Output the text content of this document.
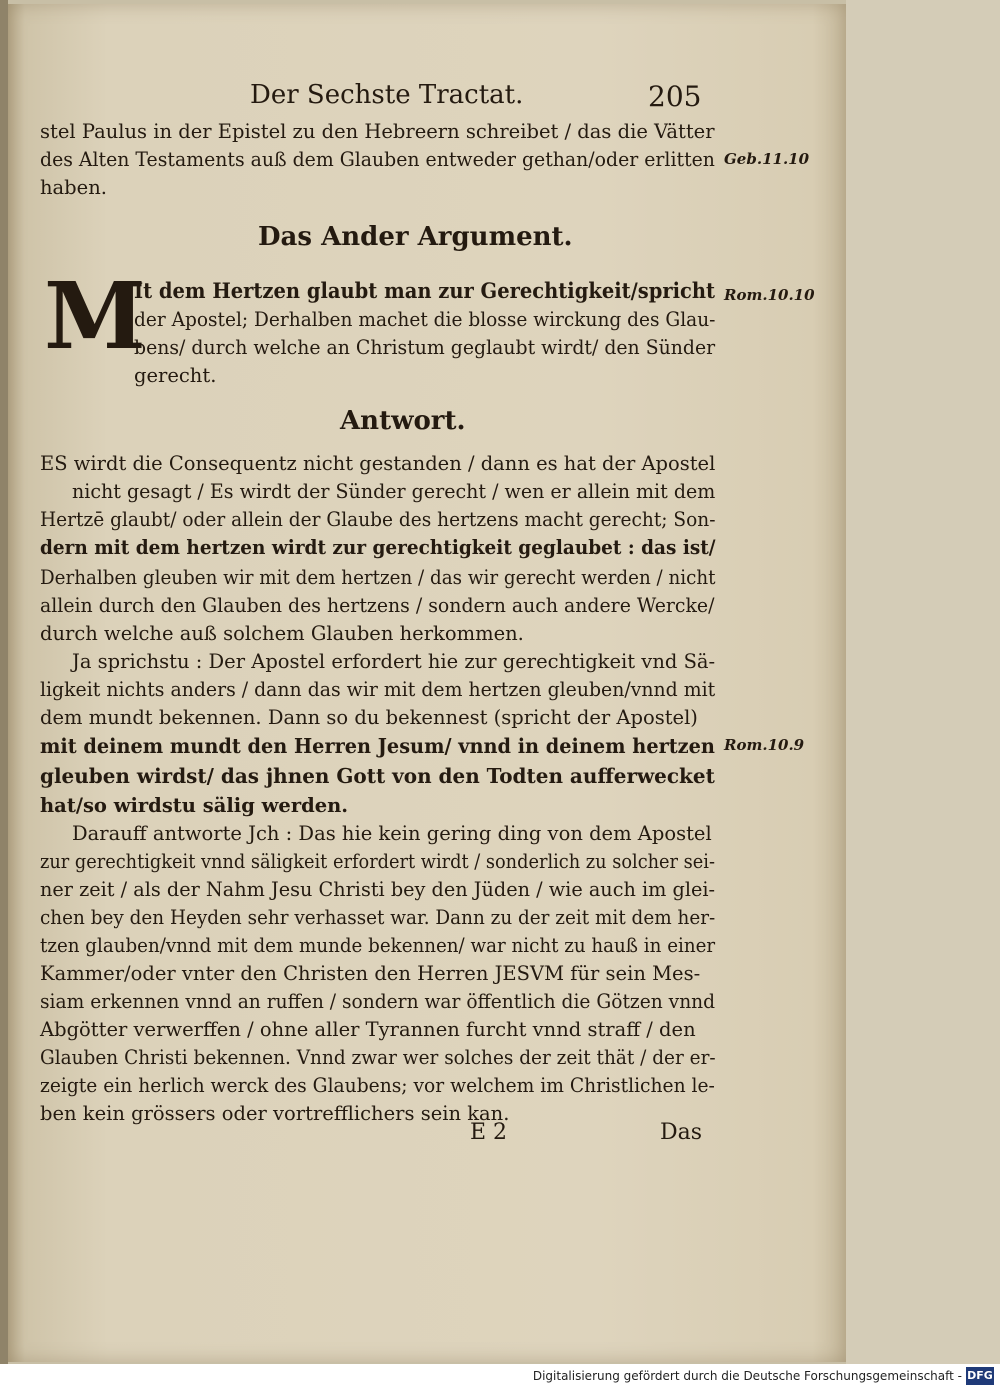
Der Sechste Tractat.	205
stel Paulus in der Epistel zu den Hebreern schreibet / das die Vätter
des Alten Testaments auß dem Glauben entweder gethan/oder erlitten
haben.
Geb.11.10
Das Ander Argument.
M
It dem Hertzen glaubt man zur Gerechtigkeit/spricht
der Apostel; Derhalben machet die blosse wirckung des Glau-
bens/ durch welche an Christum geglaubt wirdt/ den Sünder
gerecht.
Rom.10.10
Antwort.
ES wirdt die Consequentz nicht gestanden / dann es hat der Apostel
nicht gesagt / Es wirdt der Sünder gerecht / wen er allein mit dem
Hertzē glaubt/ oder allein der Glaube des hertzens macht gerecht; Son-
dern mit dem hertzen wirdt zur gerechtigkeit geglaubet : das ist/
Derhalben gleuben wir mit dem hertzen / das wir gerecht werden / nicht
allein durch den Glauben des hertzens / sondern auch andere Wercke/
durch welche auß solchem Glauben herkommen.
Ja sprichstu : Der Apostel erfordert hie zur gerechtigkeit vnd Sä-
ligkeit nichts anders / dann das wir mit dem hertzen gleuben/vnnd mit
dem mundt bekennen. Dann so du bekennest (spricht der Apostel)
mit deinem mundt den Herren Jesum/ vnnd in deinem hertzen
gleuben wirdst/ das jhnen Gott von den Todten aufferwecket
hat/so wirdstu sälig werden.
Rom.10.9
Darauff antworte Jch : Das hie kein gering ding von dem Apostel
zur gerechtigkeit vnnd säligkeit erfordert wirdt / sonderlich zu solcher sei-
ner zeit / als der Nahm Jesu Christi bey den Jüden / wie auch im glei-
chen bey den Heyden sehr verhasset war. Dann zu der zeit mit dem her-
tzen glauben/vnnd mit dem munde bekennen/ war nicht zu hauß in einer
Kammer/oder vnter den Christen den Herren JESVM für sein Mes-
siam erkennen vnnd an ruffen / sondern war öffentlich die Götzen vnnd
Abgötter verwerffen / ohne aller Tyrannen furcht vnnd straff / den
Glauben Christi bekennen. Vnnd zwar wer solches der zeit thät / der er-
zeigte ein herlich werck des Glaubens; vor welchem im Christlichen le-
ben kein grössers oder vortrefflichers sein kan.
E 2	Das
Digitalisierung gefördert durch die Deutsche Forschungsgemeinschaft - DFG
